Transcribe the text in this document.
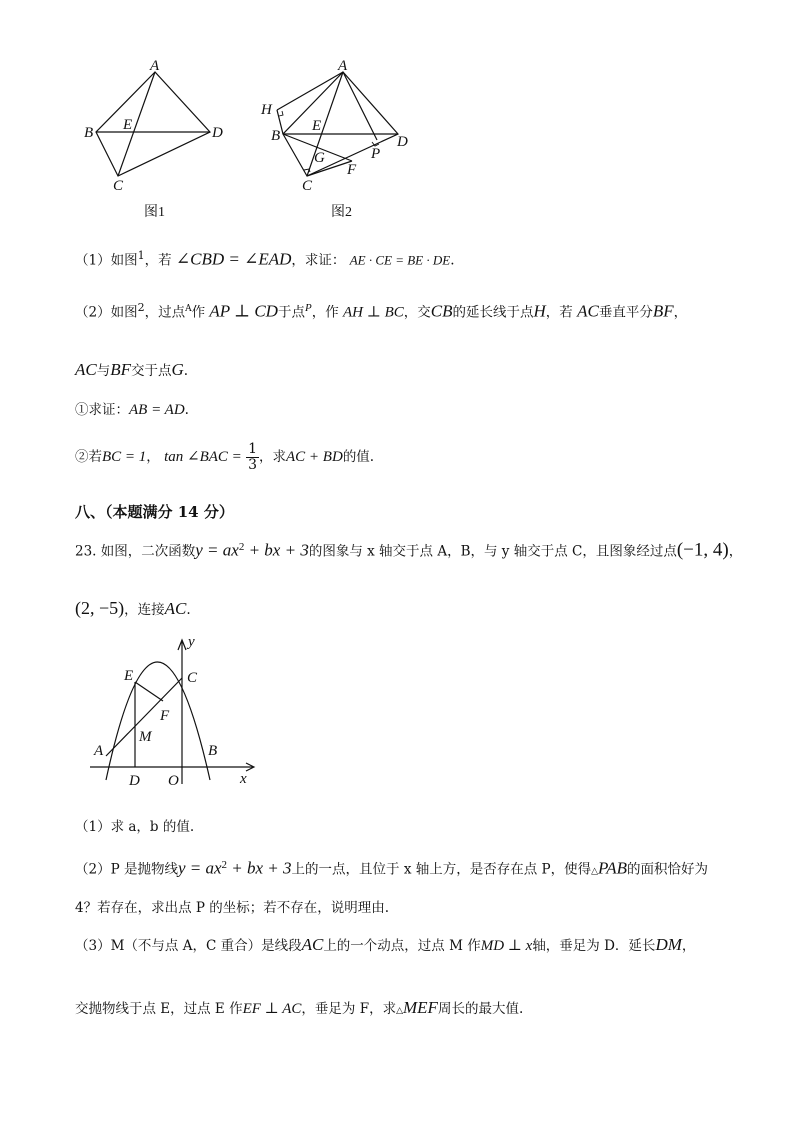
A
B
C
D
E
图1
A
B
C
D
E
F
G
H
P
图2
（1）如图$^1$，若 ∠CBD = ∠EAD，求证： AE · CE = BE · DE.
（2）如图$^2$，过点$^A$作 AP ⊥ CD于点$^P$，作 AH ⊥ BC，交CB的延长线于点H，若 AC垂直平分BF，
AC与BF交于点G.
①求证：AB = AD.
②若BC = 1， tan ∠BAC = $\frac{1}{3}$ ，求AC + BD的值.
八、（本题满分 14 分）
23. 如图，二次函数$y = ax^2$ + bx + 3的图象与 x 轴交于点 A，B，与 y 轴交于点 C，且图象经过点(−1, 4)，
(2, −5)，连接AC.
y
x
E	C
F
M
A	B
D O
（1）求 a，b 的值.
（2）P 是抛物线$y = ax^2$ + bx + 3上的一点，且位于 x 轴上方，是否存在点 P，使得△PAB的面积恰好为
4？若存在，求出点 P 的坐标；若不存在，说明理由.
（3）M（不与点 A，C 重合）是线段AC上的一个动点，过点 M 作MD ⊥ x轴，垂足为 D．延长DM，
交抛物线于点 E，过点 E 作EF ⊥ AC，垂足为 F，求△MEF周长的最大值.
